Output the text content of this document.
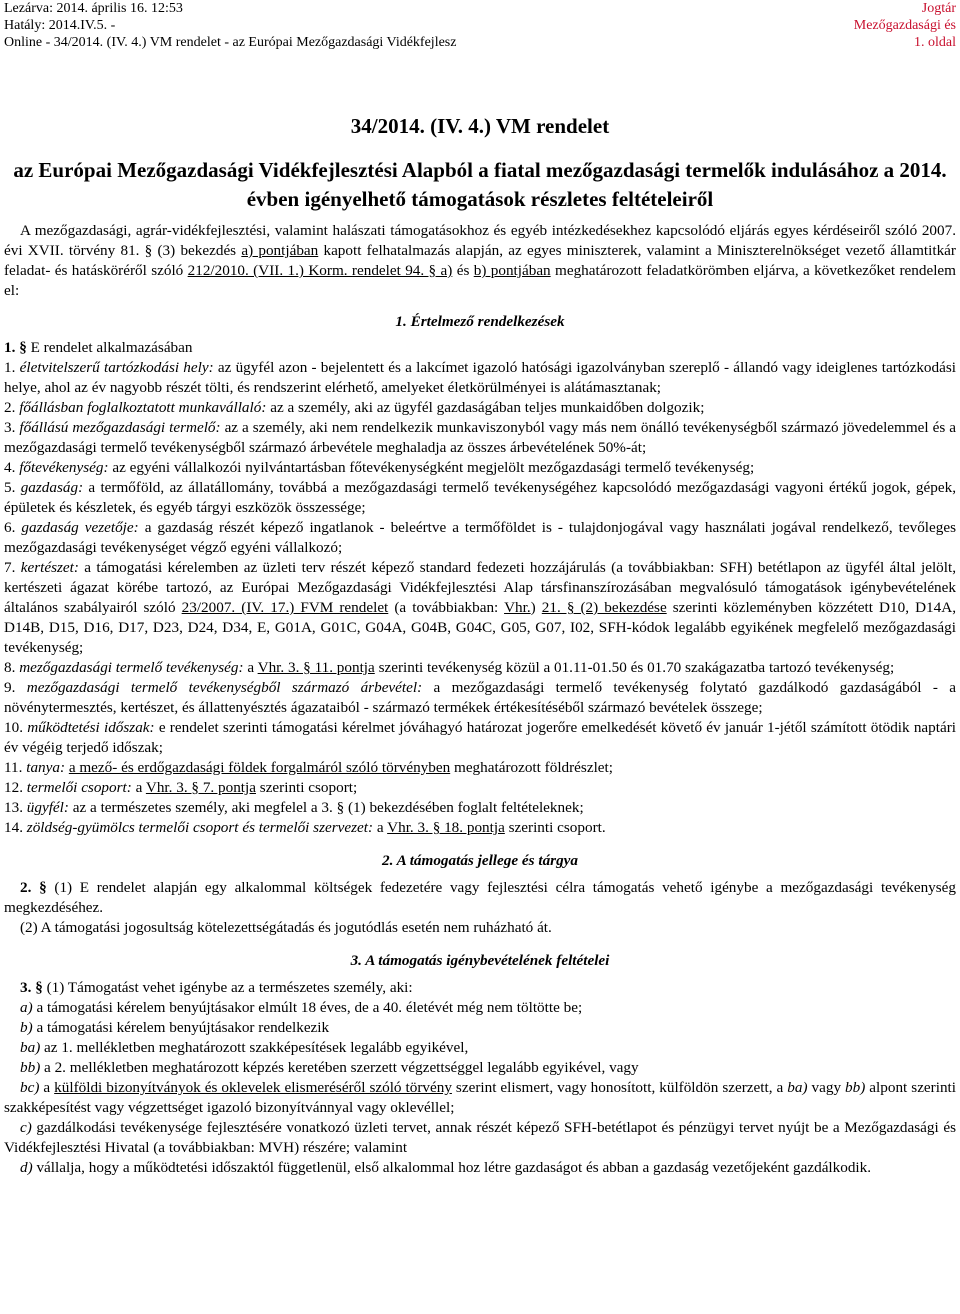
Lezárva: 2014. április 16. 12:53
Hatály: 2014.IV.5. -
Online - 34/2014. (IV. 4.) VM rendelet - az Európai Mezőgazdasági Vidékfejlesz
Jogtár
Mezőgazdasági és
1. oldal
34/2014. (IV. 4.) VM rendelet
az Európai Mezőgazdasági Vidékfejlesztési Alapból a fiatal mezőgazdasági termelők indulásához a 2014. évben igényelhető támogatások részletes feltételeiről

A mezőgazdasági, agrár-vidékfejlesztési, valamint halászati támogatásokhoz és egyéb intézkedésekhez kapcsolódó eljárás egyes kérdéseiről szóló 2007. évi XVII. törvény 81. § (3) bekezdés a) pontjában kapott felhatalmazás alapján, az egyes miniszterek, valamint a Miniszterelnökséget vezető államtitkár feladat- és hatásköréről szóló 212/2010. (VII. 1.) Korm. rendelet 94. § a) és b) pontjában meghatározott feladatkörömben eljárva, a következőket rendelem el:

1. Értelmező rendelkezések

1. § E rendelet alkalmazásában

1. életvitelszerű tartózkodási hely: az ügyfél azon - bejelentett és a lakcímet igazoló hatósági igazolványban szereplő - állandó vagy ideiglenes tartózkodási helye, ahol az év nagyobb részét tölti, és rendszerint elérhető, amelyeket életkörülményei is alátámasztanak;

2. főállásban foglalkoztatott munkavállaló: az a személy, aki az ügyfél gazdaságában teljes munkaidőben dolgozik;

3. főállású mezőgazdasági termelő: az a személy, aki nem rendelkezik munkaviszonyból vagy más nem önálló tevékenységből származó jövedelemmel és a mezőgazdasági termelő tevékenységből származó árbevétele meghaladja az összes árbevételének 50%-át;

4. főtevékenység: az egyéni vállalkozói nyilvántartásban főtevékenységként megjelölt mezőgazdasági termelő tevékenység;

5. gazdaság: a termőföld, az állatállomány, továbbá a mezőgazdasági termelő tevékenységéhez kapcsolódó mezőgazdasági vagyoni értékű jogok, gépek, épületek és készletek, és egyéb tárgyi eszközök összessége;

6. gazdaság vezetője: a gazdaság részét képező ingatlanok - beleértve a termőföldet is - tulajdonjogával vagy használati jogával rendelkező, tevőleges mezőgazdasági tevékenységet végző egyéni vállalkozó;

7. kertészet: a támogatási kérelemben az üzleti terv részét képező standard fedezeti hozzájárulás (a továbbiakban: SFH) betétlapon az ügyfél által jelölt, kertészeti ágazat körébe tartozó, az Európai Mezőgazdasági Vidékfejlesztési Alap társfinanszírozásában megvalósuló támogatások igénybevételének általános szabályairól szóló 23/2007. (IV. 17.) FVM rendelet (a továbbiakban: Vhr.) 21. § (2) bekezdése szerinti közleményben közzétett D10, D14A, D14B, D15, D16, D17, D23, D24, D34, E, G01A, G01C, G04A, G04B, G04C, G05, G07, I02, SFH-kódok legalább egyikének megfelelő mezőgazdasági tevékenység;

8. mezőgazdasági termelő tevékenység: a Vhr. 3. § 11. pontja szerinti tevékenység közül a 01.11-01.50 és 01.70 szakágazatba tartozó tevékenység;

9. mezőgazdasági termelő tevékenységből származó árbevétel: a mezőgazdasági termelő tevékenység folytató gazdálkodó gazdaságából - a növénytermesztés, kertészet, és állattenyésztés ágazataiból - származó termékek értékesítéséből származó bevételek összege;

10. működtetési időszak: e rendelet szerinti támogatási kérelmet jóváhagyó határozat jogerőre emelkedését követő év január 1-jétől számított ötödik naptári év végéig terjedő időszak;

11. tanya: a mező- és erdőgazdasági földek forgalmáról szóló törvényben meghatározott földrészlet;

12. termelői csoport: a Vhr. 3. § 7. pontja szerinti csoport;

13. ügyfél: az a természetes személy, aki megfelel a 3. § (1) bekezdésében foglalt feltételeknek;

14. zöldség-gyümölcs termelői csoport és termelői szervezet: a Vhr. 3. § 18. pontja szerinti csoport.

2. A támogatás jellege és tárgya

2. § (1) E rendelet alapján egy alkalommal költségek fedezetére vagy fejlesztési célra támogatás vehető igénybe a mezőgazdasági tevékenység megkezdéséhez.

(2) A támogatási jogosultság kötelezettségátadás és jogutódlás esetén nem ruházható át.

3. A támogatás igénybevételének feltételei

3. § (1) Támogatást vehet igénybe az a természetes személy, aki:

a) a támogatási kérelem benyújtásakor elmúlt 18 éves, de a 40. életévét még nem töltötte be;

b) a támogatási kérelem benyújtásakor rendelkezik

ba) az 1. mellékletben meghatározott szakképesítések legalább egyikével,

bb) a 2. mellékletben meghatározott képzés keretében szerzett végzettséggel legalább egyikével, vagy

bc) a külföldi bizonyítványok és oklevelek elismeréséről szóló törvény szerint elismert, vagy honosított, külföldön szerzett, a ba) vagy bb) alpont szerinti szakképesítést vagy végzettséget igazoló bizonyítvánnyal vagy oklevéllel;

c) gazdálkodási tevékenysége fejlesztésére vonatkozó üzleti tervet, annak részét képező SFH-betétlapot és pénzügyi tervet nyújt be a Mezőgazdasági és Vidékfejlesztési Hivatal (a továbbiakban: MVH) részére; valamint

d) vállalja, hogy a működtetési időszaktól függetlenül, első alkalommal hoz létre gazdaságot és abban a gazdaság vezetőjeként gazdálkodik.
